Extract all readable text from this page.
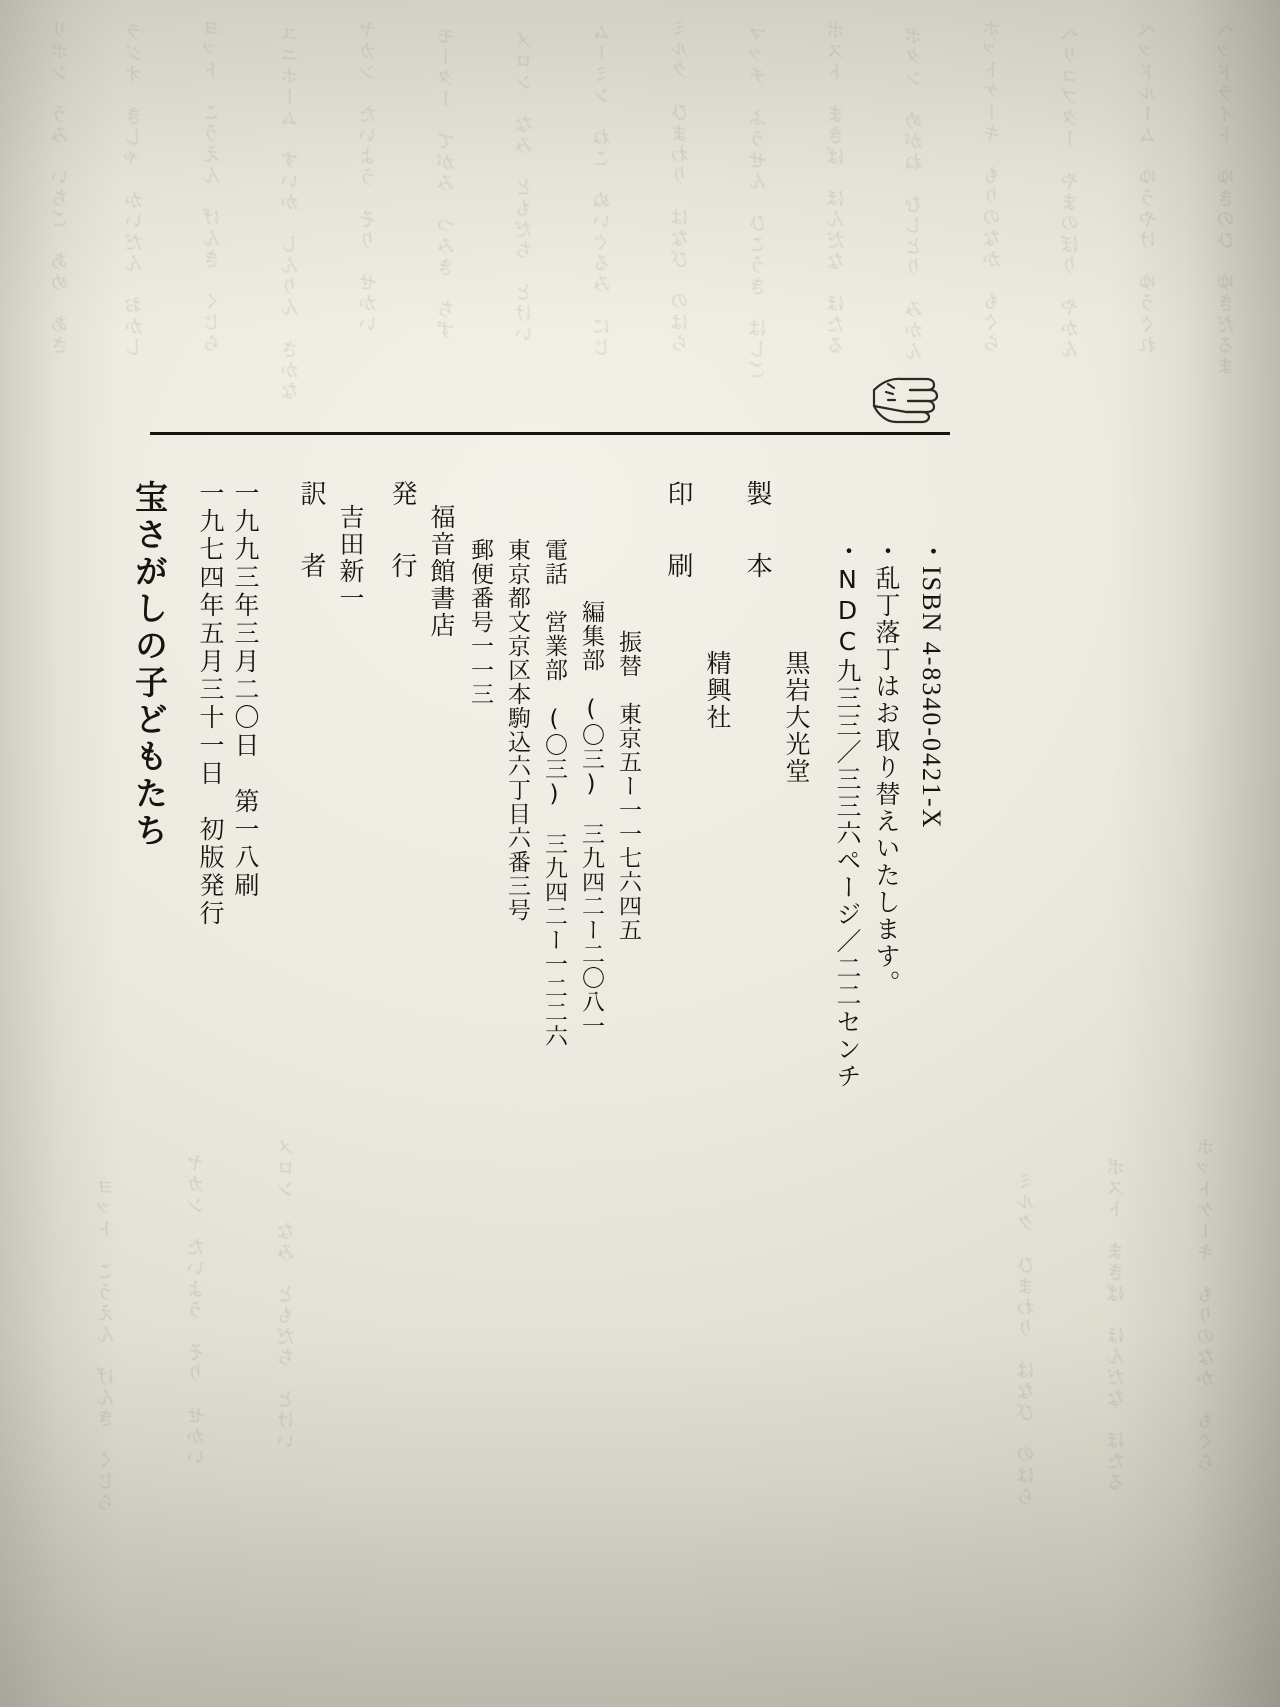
宝さがしの子どもたち 一九七四年五月三十一日　初版発行 一九九三年三月二〇日　第一八刷 訳　者 吉田新一 発　行 福音館書店 郵便番号一一三 東京都文京区本駒込六丁目六番三号 電話　営業部　(〇三)　三九四二ー一二二六 編集部　(〇三)　三九四二ー二〇八一 振替　東京五ー一一七六四五
印　刷
精興社
製　本
黒岩大光堂 ・NDC九三三／三三六ページ／二二センチ ・乱丁落丁はお取り替えいたします。 ・ISBN 4-8340-0421-X
